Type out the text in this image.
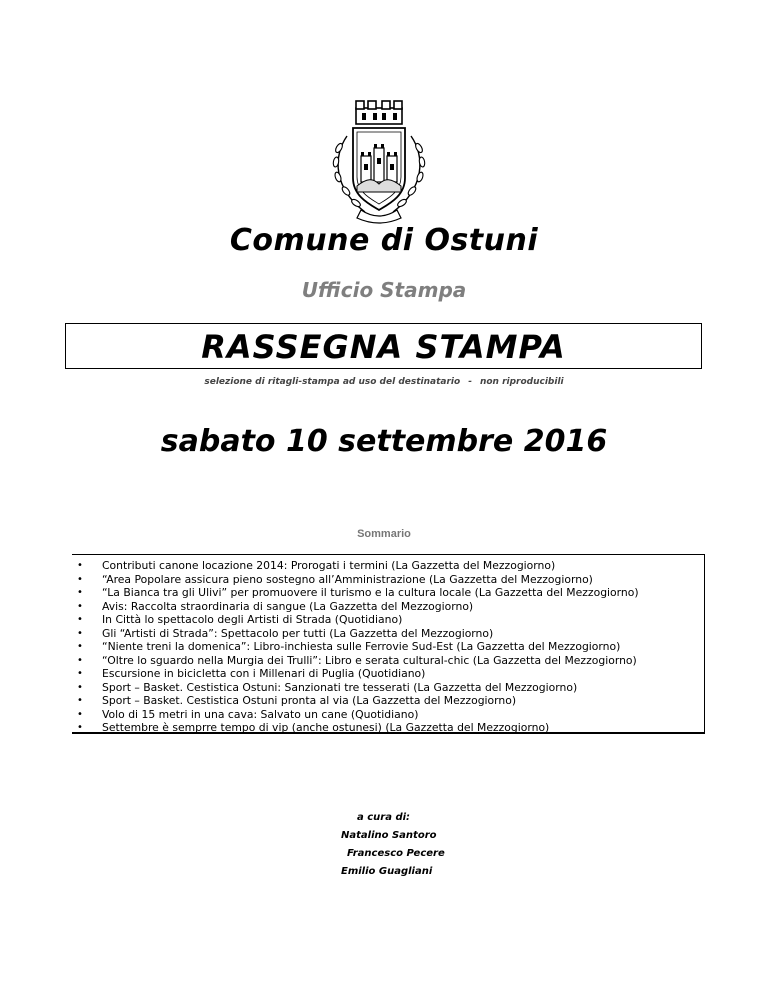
Comune di Ostuni
Ufficio Stampa
RASSEGNA STAMPA
selezione di ritagli-stampa ad uso del destinatario - non riproducibili
sabato 10 settembre 2016
Sommario
• Contributi canone locazione 2014: Prorogati i termini (La Gazzetta del Mezzogiorno)
• “Area Popolare assicura pieno sostegno all’Amministrazione (La Gazzetta del Mezzogiorno)
• “La Bianca tra gli Ulivi” per promuovere il turismo e la cultura locale (La Gazzetta del Mezzogiorno)
• Avis: Raccolta straordinaria di sangue (La Gazzetta del Mezzogiorno)
• In Città lo spettacolo degli Artisti di Strada (Quotidiano)
• Gli “Artisti di Strada”: Spettacolo per tutti (La Gazzetta del Mezzogiorno)
• “Niente treni la domenica”: Libro-inchiesta sulle Ferrovie Sud-Est (La Gazzetta del Mezzogiorno)
• “Oltre lo sguardo nella Murgia dei Trulli”: Libro e serata cultural-chic (La Gazzetta del Mezzogiorno)
• Escursione in bicicletta con i Millenari di Puglia (Quotidiano)
• Sport – Basket. Cestistica Ostuni: Sanzionati tre tesserati (La Gazzetta del Mezzogiorno)
• Sport – Basket. Cestistica Ostuni pronta al via (La Gazzetta del Mezzogiorno)
• Volo di 15 metri in una cava: Salvato un cane (Quotidiano)
• Settembre è semprre tempo di vip (anche ostunesi) (La Gazzetta del Mezzogiorno)
a cura di:
Natalino Santoro
Francesco Pecere
Emilio Guagliani
